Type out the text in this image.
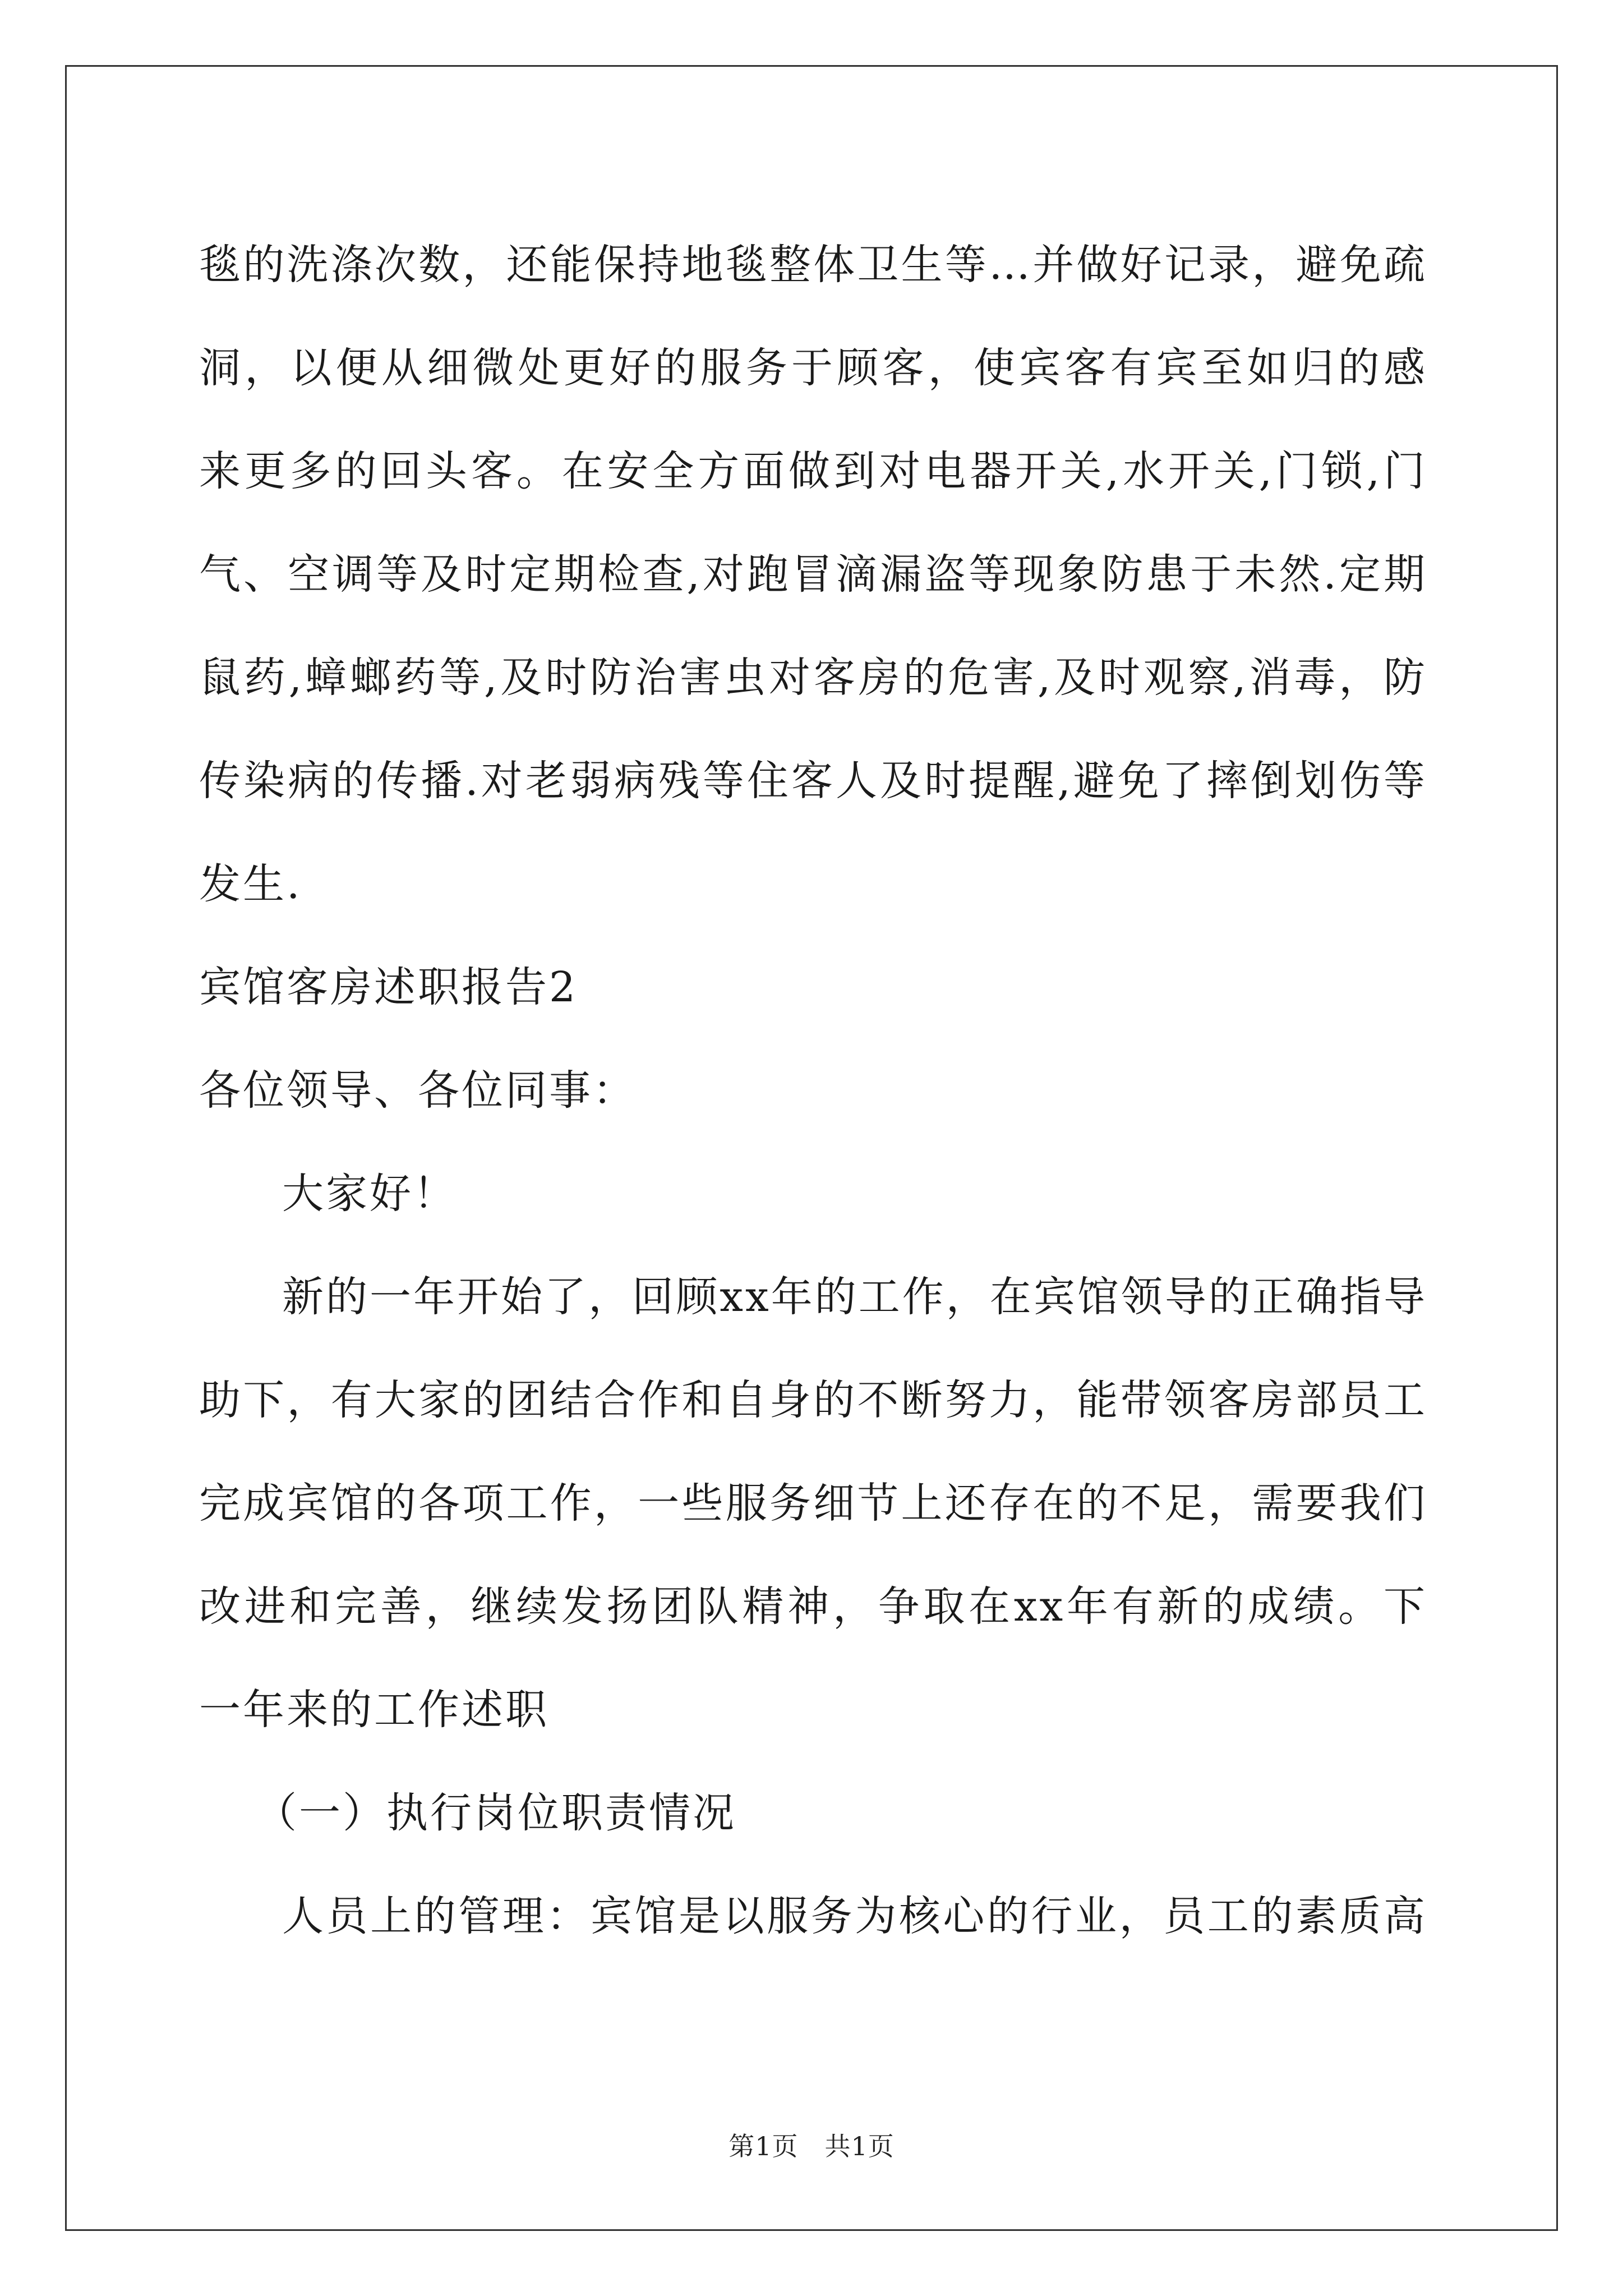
毯的洗涤次数，还能保持地毯整体卫生等…并做好记录，避免疏
洞，以便从细微处更好的服务于顾客，使宾客有宾至如归的感
来更多的回头客。在安全方面做到对电器开关,水开关,门锁,门
气、空调等及时定期检查,对跑冒滴漏盗等现象防患于未然.定期
鼠药,蟑螂药等,及时防治害虫对客房的危害,及时观察,消毒，防
传染病的传播.对老弱病残等住客人及时提醒,避免了摔倒划伤等
发生.
宾馆客房述职报告2
各位领导、各位同事：
大家好！
新的一年开始了，回顾xx年的工作，在宾馆领导的正确指导
助下，有大家的团结合作和自身的不断努力，能带领客房部员工
完成宾馆的各项工作，一些服务细节上还存在的不足，需要我们
改进和完善，继续发扬团队精神，争取在xx年有新的成绩。下
一年来的工作述职
（一）执行岗位职责情况
人员上的管理：宾馆是以服务为核心的行业，员工的素质高
第1页　共1页
